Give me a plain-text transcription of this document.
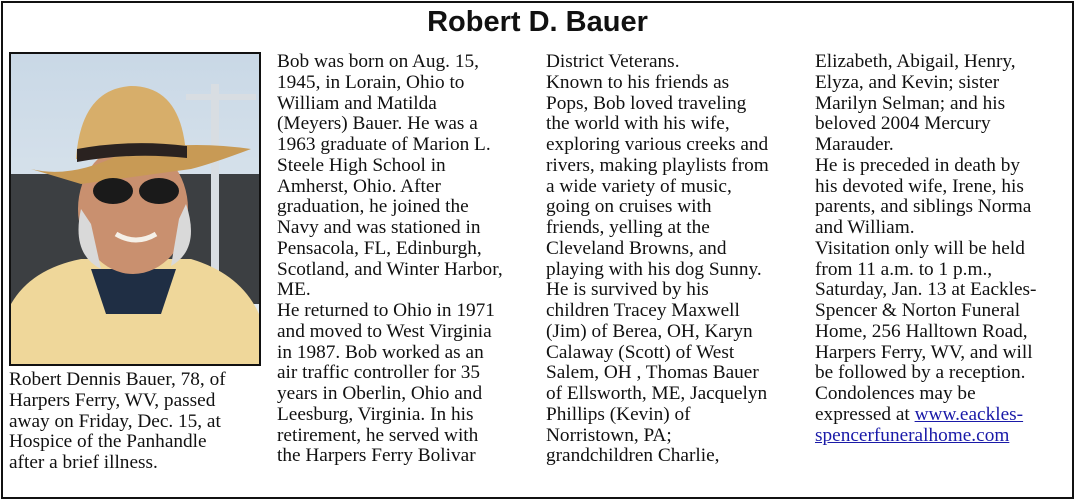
Robert D. Bauer
Robert Dennis Bauer, 78, of
Harpers Ferry, WV, passed
away on Friday, Dec. 15, at
Hospice of the Panhandle
after a brief illness.
Bob was born on Aug. 15,
1945, in Lorain, Ohio to
William and Matilda
(Meyers) Bauer. He was a
1963 graduate of Marion L.
Steele High School in
Amherst, Ohio. After
graduation, he joined the
Navy and was stationed in
Pensacola, FL, Edinburgh,
Scotland, and Winter Harbor,
ME.
He returned to Ohio in 1971
and moved to West Virginia
in 1987. Bob worked as an
air traffic controller for 35
years in Oberlin, Ohio and
Leesburg, Virginia. In his
retirement, he served with
the Harpers Ferry Bolivar
District Veterans.
Known to his friends as
Pops, Bob loved traveling
the world with his wife,
exploring various creeks and
rivers, making playlists from
a wide variety of music,
going on cruises with
friends, yelling at the
Cleveland Browns, and
playing with his dog Sunny.
He is survived by his
children Tracey Maxwell
(Jim) of Berea, OH, Karyn
Calaway (Scott) of West
Salem, OH , Thomas Bauer
of Ellsworth, ME, Jacquelyn
Phillips (Kevin) of
Norristown, PA;
grandchildren Charlie,
Elizabeth, Abigail, Henry,
Elyza, and Kevin; sister
Marilyn Selman; and his
beloved 2004 Mercury
Marauder.
He is preceded in death by
his devoted wife, Irene, his
parents, and siblings Norma
and William.
Visitation only will be held
from 11 a.m. to 1 p.m.,
Saturday, Jan. 13 at Eackles-
Spencer & Norton Funeral
Home, 256 Halltown Road,
Harpers Ferry, WV, and will
be followed by a reception.
Condolences may be
expressed at www.eackles-
spencerfuneralhome.com
